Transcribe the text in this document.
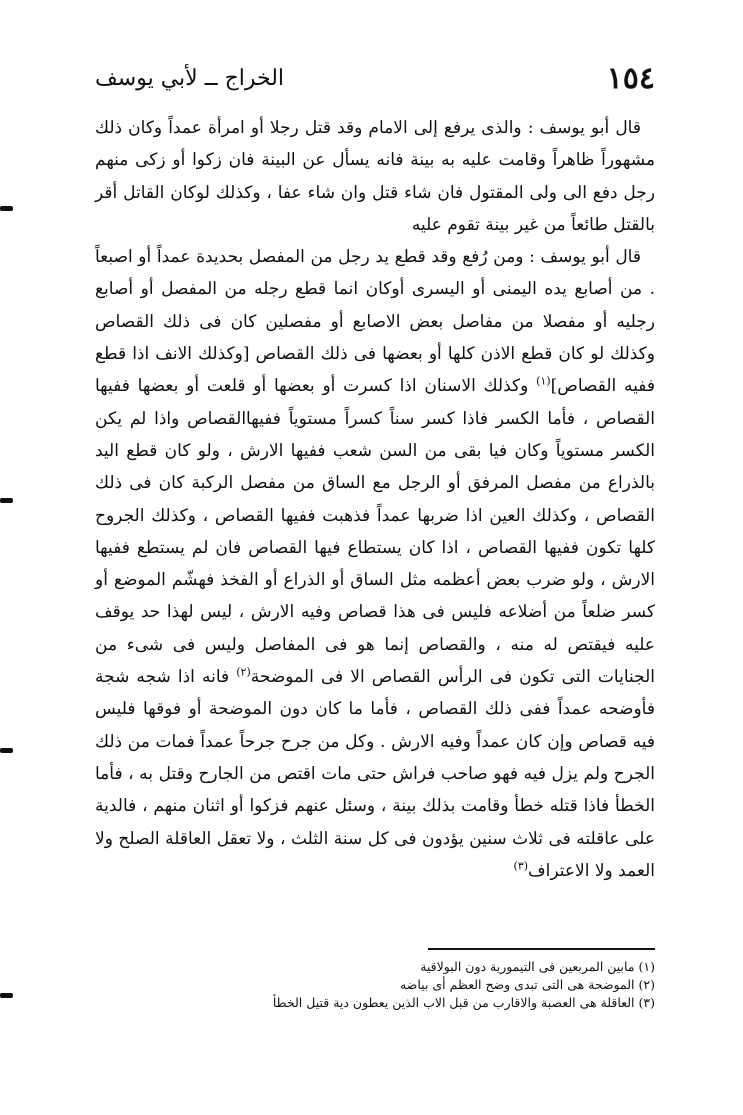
١٥٤
الخراج ــ لأبي يوسف

قال أبو يوسف : والذى يرفع إلى الامام وقد قتل رجلا أو امرأة عمداً وكان ذلك مشهوراً ظاهراً وقامت عليه به بينة فانه يسأل عن البينة فان زكوا أو زكى منهم رجل دفع الى ولى المقتول فان شاء قتل وان شاء عفا ، وكذلك لوكان القاتل أقر بالقتل طائعاً من غير بينة تقوم عليه

قال أبو يوسف : ومن رُفع وقد قطع يد رجل من المفصل بحديدة عمداً أو اصبعاً . من أصابع يده اليمنى أو اليسرى أوكان انما قطع رجله من المفصل أو أصابع رجليه أو مفصلا من مفاصل بعض الاصابع أو مفصلين كان فى ذلك القصاص وكذلك لو كان قطع الاذن كلها أو بعضها فى ذلك القصاص [وكذلك الانف اذا قطع ففيه القصاص]$^{(١)}$ وكذلك الاسنان اذا كسرت أو بعضها أو قلعت أو بعضها ففيها القصاص ، فأما الكسر فاذا كسر سناً كسراً مستوياً ففيهاالقصاص واذا لم يكن الكسر مستوياً وكان فيا بقى من السن شعب ففيها الارش ، ولو كان قطع اليد بالذراع من مفصل المرفق أو الرجل مع الساق من مفصل الركبة كان فى ذلك القصاص ، وكذلك العين اذا ضربها عمداً فذهبت ففيها القصاص ، وكذلك الجروح كلها تكون ففيها القصاص ، اذا كان يستطاع فيها القصاص فان لم يستطع ففيها الارش ، ولو ضرب بعض أعظمه مثل الساق أو الذراع أو الفخذ فهشّم الموضع أو كسر ضلعاً من أضلاعه فليس فى هذا قصاص وفيه الارش ، ليس لهذا حد يوقف عليه فيقتص له منه ، والقصاص إنما هو فى المفاصل وليس فى شىء من الجنايات التى تكون فى الرأس القصاص الا فى الموضحة$^{(٢)}$ فانه اذا شجه شجة فأوضحه عمداً ففى ذلك القصاص ، فأما ما كان دون الموضحة أو فوقها فليس فيه قصاص وإن كان عمداً وفيه الارش . وكل من جرح جرحاً عمداً فمات من ذلك الجرح ولم يزل فيه فهو صاحب فراش حتى مات اقتص من الجارح وقتل به ، فأما الخطأ فاذا قتله خطأ وقامت بذلك بينة ، وسئل عنهم فزكوا أو اثنان منهم ، فالدية على عاقلته فى ثلاث سنين يؤدون فى كل سنة الثلث ، ولا تعقل العاقلة الصلح ولا العمد ولا الاعتراف$^{(٣)}$

(١) مابين المربعين فى التيمورية دون البولاقية
(٢) الموضحة هى التى تبدى وضح العظم أى بياضه
(٣) العاقلة هى العصبة والاقارب من قبل الاب الذين يعطون دية قتيل الخطأ
